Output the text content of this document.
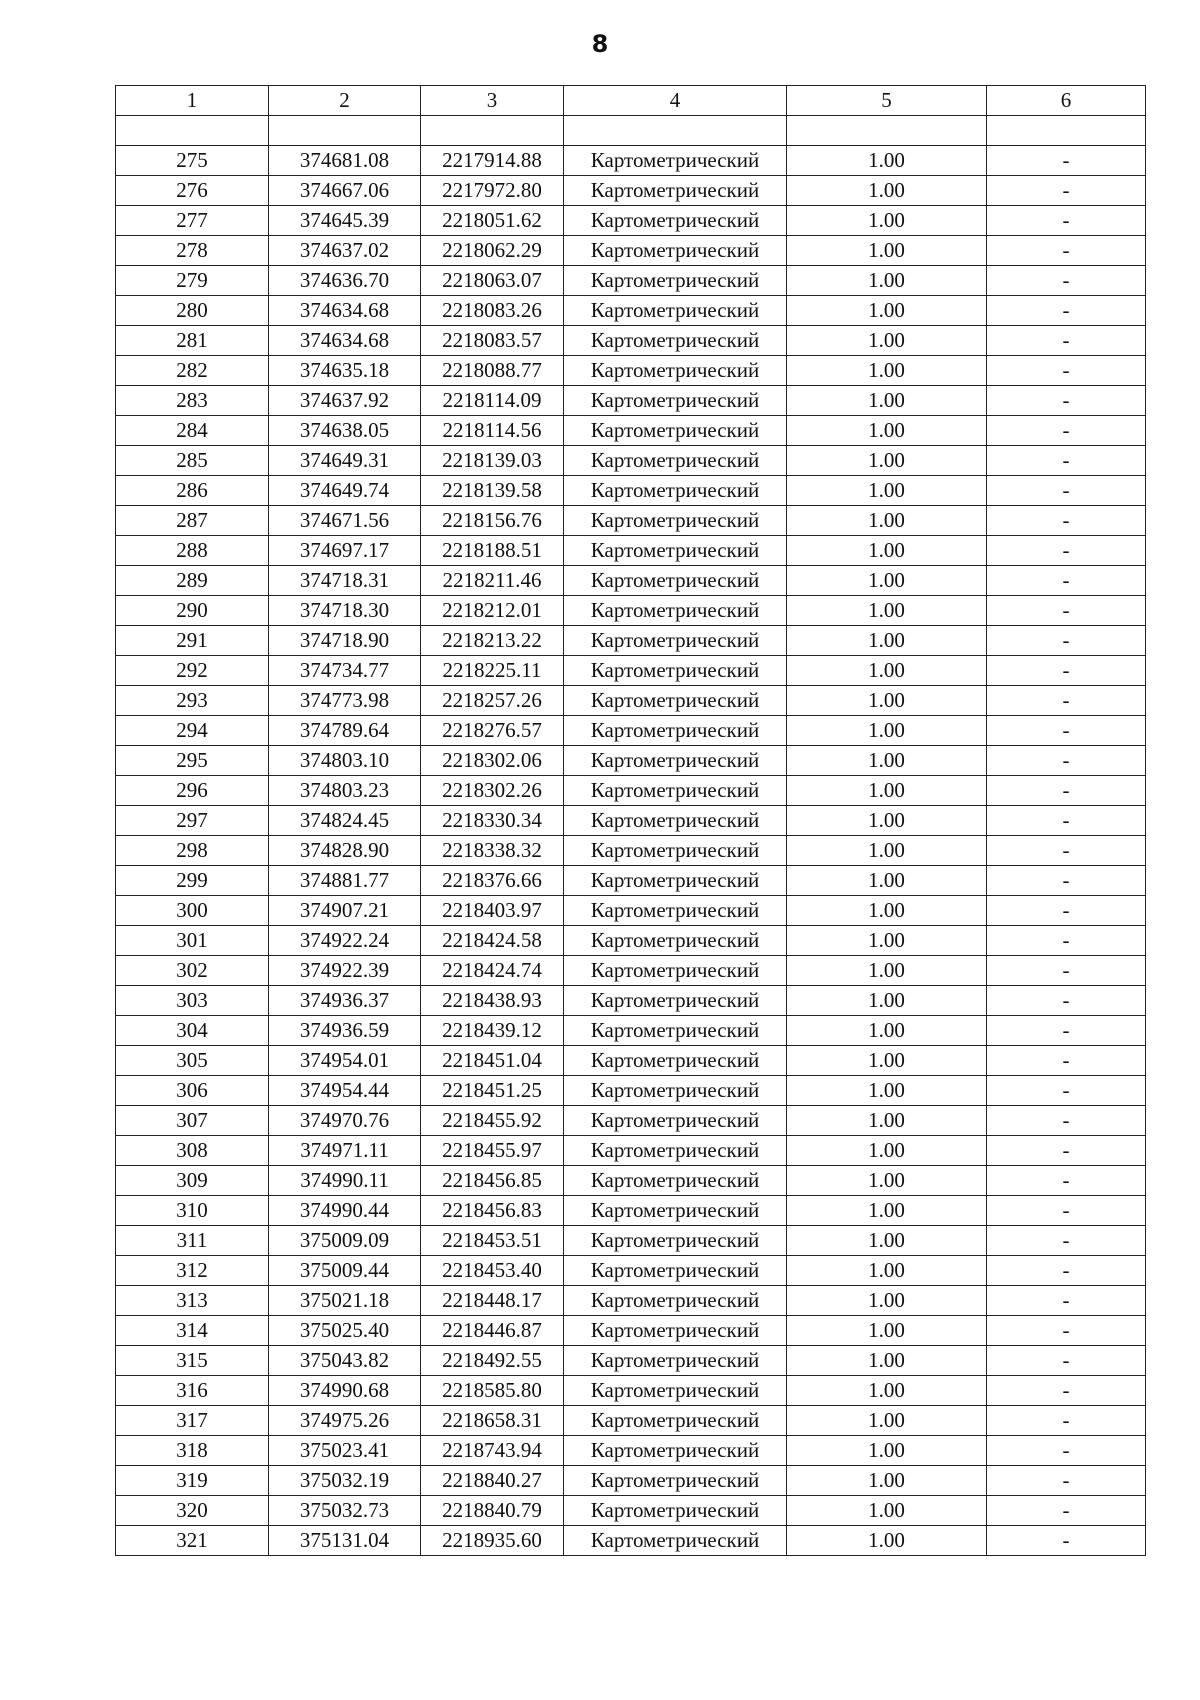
8
1	2	3	4	5	6

275	374681.08	2217914.88	Картометрический	1.00	-
276	374667.06	2217972.80	Картометрический	1.00	-
277	374645.39	2218051.62	Картометрический	1.00	-
278	374637.02	2218062.29	Картометрический	1.00	-
279	374636.70	2218063.07	Картометрический	1.00	-
280	374634.68	2218083.26	Картометрический	1.00	-
281	374634.68	2218083.57	Картометрический	1.00	-
282	374635.18	2218088.77	Картометрический	1.00	-
283	374637.92	2218114.09	Картометрический	1.00	-
284	374638.05	2218114.56	Картометрический	1.00	-
285	374649.31	2218139.03	Картометрический	1.00	-
286	374649.74	2218139.58	Картометрический	1.00	-
287	374671.56	2218156.76	Картометрический	1.00	-
288	374697.17	2218188.51	Картометрический	1.00	-
289	374718.31	2218211.46	Картометрический	1.00	-
290	374718.30	2218212.01	Картометрический	1.00	-
291	374718.90	2218213.22	Картометрический	1.00	-
292	374734.77	2218225.11	Картометрический	1.00	-
293	374773.98	2218257.26	Картометрический	1.00	-
294	374789.64	2218276.57	Картометрический	1.00	-
295	374803.10	2218302.06	Картометрический	1.00	-
296	374803.23	2218302.26	Картометрический	1.00	-
297	374824.45	2218330.34	Картометрический	1.00	-
298	374828.90	2218338.32	Картометрический	1.00	-
299	374881.77	2218376.66	Картометрический	1.00	-
300	374907.21	2218403.97	Картометрический	1.00	-
301	374922.24	2218424.58	Картометрический	1.00	-
302	374922.39	2218424.74	Картометрический	1.00	-
303	374936.37	2218438.93	Картометрический	1.00	-
304	374936.59	2218439.12	Картометрический	1.00	-
305	374954.01	2218451.04	Картометрический	1.00	-
306	374954.44	2218451.25	Картометрический	1.00	-
307	374970.76	2218455.92	Картометрический	1.00	-
308	374971.11	2218455.97	Картометрический	1.00	-
309	374990.11	2218456.85	Картометрический	1.00	-
310	374990.44	2218456.83	Картометрический	1.00	-
311	375009.09	2218453.51	Картометрический	1.00	-
312	375009.44	2218453.40	Картометрический	1.00	-
313	375021.18	2218448.17	Картометрический	1.00	-
314	375025.40	2218446.87	Картометрический	1.00	-
315	375043.82	2218492.55	Картометрический	1.00	-
316	374990.68	2218585.80	Картометрический	1.00	-
317	374975.26	2218658.31	Картометрический	1.00	-
318	375023.41	2218743.94	Картометрический	1.00	-
319	375032.19	2218840.27	Картометрический	1.00	-
320	375032.73	2218840.79	Картометрический	1.00	-
321	375131.04	2218935.60	Картометрический	1.00	-
